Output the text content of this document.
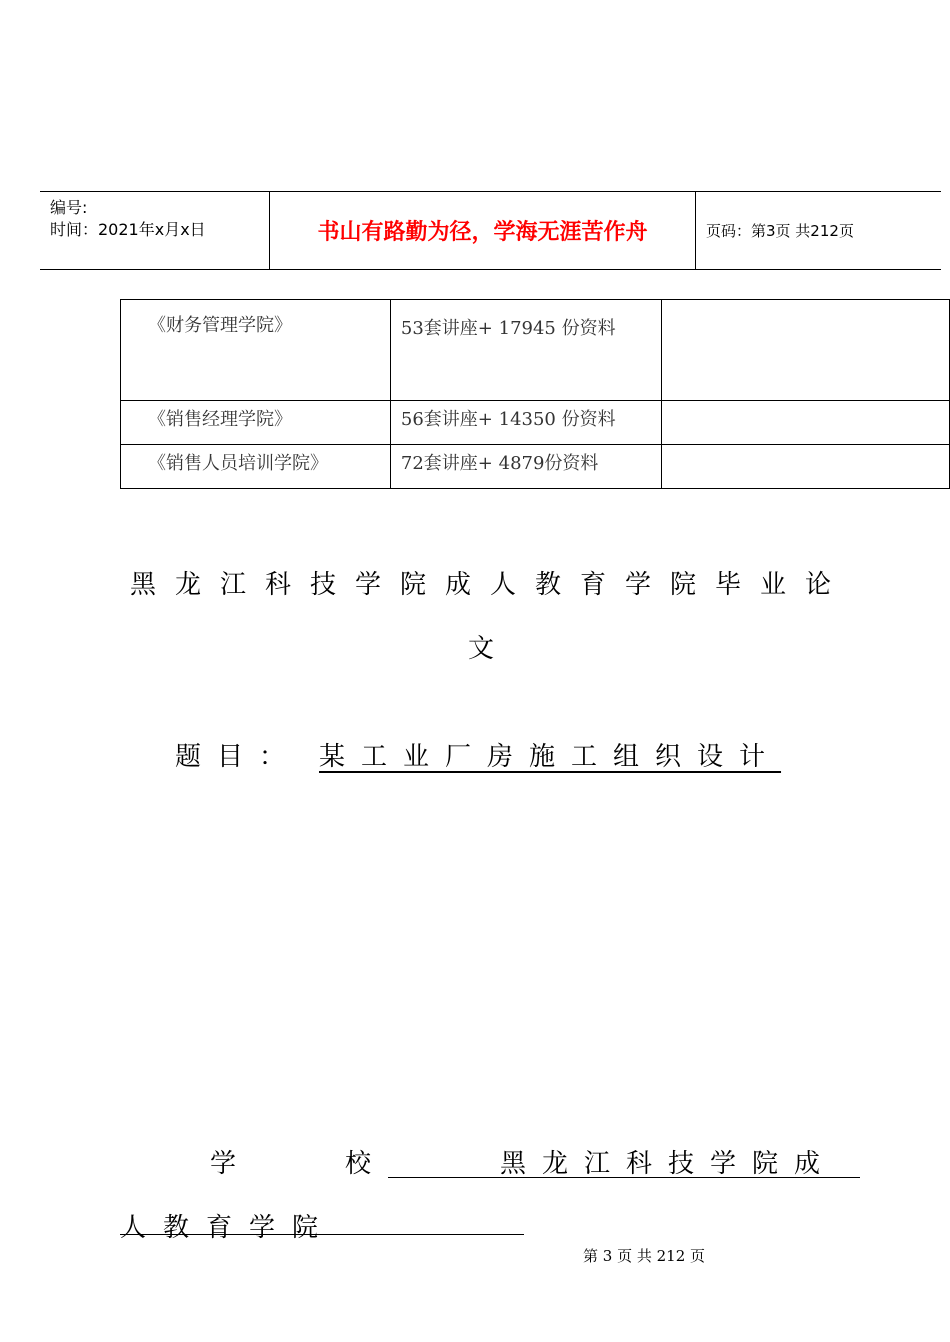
编号:
时间：2021年x月x日	书山有路勤为径，学海无涯苦作舟	页码：第3页 共212页
《财务管理学院》	53套讲座+ 17945 份资料	
《销售经理学院》	56套讲座+ 14350 份资料	
《销售人员培训学院》	72套讲座+ 4879份资料	
黑龙江科技学院成人教育学院毕业论
文
题目： 某工业厂房施工组织设计
学	校	黑龙江科技学院成
人教育学院
第 3 页 共 212 页
